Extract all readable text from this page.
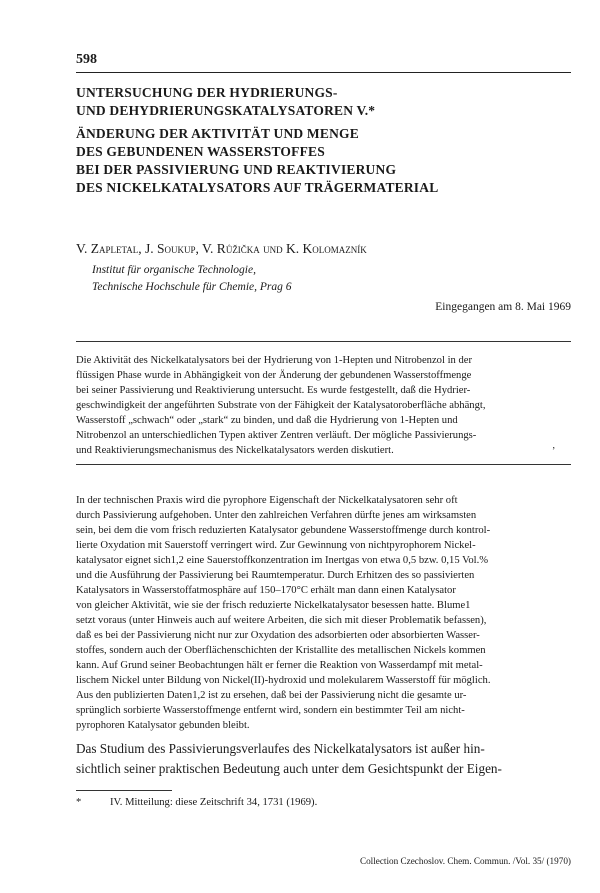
598
UNTERSUCHUNG DER HYDRIERUNGS-
UND DEHYDRIERUNGSKATALYSATOREN V.*
ÄNDERUNG DER AKTIVITÄT UND MENGE
DES GEBUNDENEN WASSERSTOFFES
BEI DER PASSIVIERUNG UND REAKTIVIERUNG
DES NICKELKATALYSATORS AUF TRÄGERMATERIAL
V. Zapletal, J. Soukup, V. Růžička und K. Kolomazník
Institut für organische Technologie,
Technische Hochschule für Chemie, Prag 6
Eingegangen am 8. Mai 1969
Die Aktivität des Nickelkatalysators bei der Hydrierung von 1-Hepten und Nitrobenzol in der
flüssigen Phase wurde in Abhängigkeit von der Änderung der gebundenen Wasserstoffmenge
bei seiner Passivierung und Reaktivierung untersucht. Es wurde festgestellt, daß die Hydrier-
geschwindigkeit der angeführten Substrate von der Fähigkeit der Katalysatoroberfläche abhängt,
Wasserstoff „schwach“ oder „stark“ zu binden, und daß die Hydrierung von 1-Hepten und
Nitrobenzol an unterschiedlichen Typen aktiver Zentren verläuft. Der mögliche Passivierungs-
und Reaktivierungsmechanismus des Nickelkatalysators werden diskutiert.	’
In der technischen Praxis wird die pyrophore Eigenschaft der Nickelkatalysatoren sehr oft
durch Passivierung aufgehoben. Unter den zahlreichen Verfahren dürfte jenes am wirksamsten
sein, bei dem die vom frisch reduzierten Katalysator gebundene Wasserstoffmenge durch kontrol-
lierte Oxydation mit Sauerstoff verringert wird. Zur Gewinnung von nichtpyrophorem Nickel-
katalysator eignet sich1,2 eine Sauerstoffkonzentration im Inertgas von etwa 0,5 bzw. 0,15 Vol.%
und die Ausführung der Passivierung bei Raumtemperatur. Durch Erhitzen des so passivierten
Katalysators in Wasserstoffatmosphäre auf 150–170°C erhält man dann einen Katalysator
von gleicher Aktivität, wie sie der frisch reduzierte Nickelkatalysator besessen hatte. Blume1
setzt voraus (unter Hinweis auch auf weitere Arbeiten, die sich mit dieser Problematik befassen),
daß es bei der Passivierung nicht nur zur Oxydation des adsorbierten oder absorbierten Wasser-
stoffes, sondern auch der Oberflächenschichten der Kristallite des metallischen Nickels kommen
kann. Auf Grund seiner Beobachtungen hält er ferner die Reaktion von Wasserdampf mit metal-
lischem Nickel unter Bildung von Nickel(II)-hydroxid und molekularem Wasserstoff für möglich.
Aus den publizierten Daten1,2 ist zu ersehen, daß bei der Passivierung nicht die gesamte ur-
sprünglich sorbierte Wasserstoffmenge entfernt wird, sondern ein bestimmter Teil am nicht-
pyrophoren Katalysator gebunden bleibt.
Das Studium des Passivierungsverlaufes des Nickelkatalysators ist außer hin-
sichtlich seiner praktischen Bedeutung auch unter dem Gesichtspunkt der Eigen-
*	IV. Mitteilung: diese Zeitschrift 34, 1731 (1969).
Collection Czechoslov. Chem. Commun. /Vol. 35/ (1970)
